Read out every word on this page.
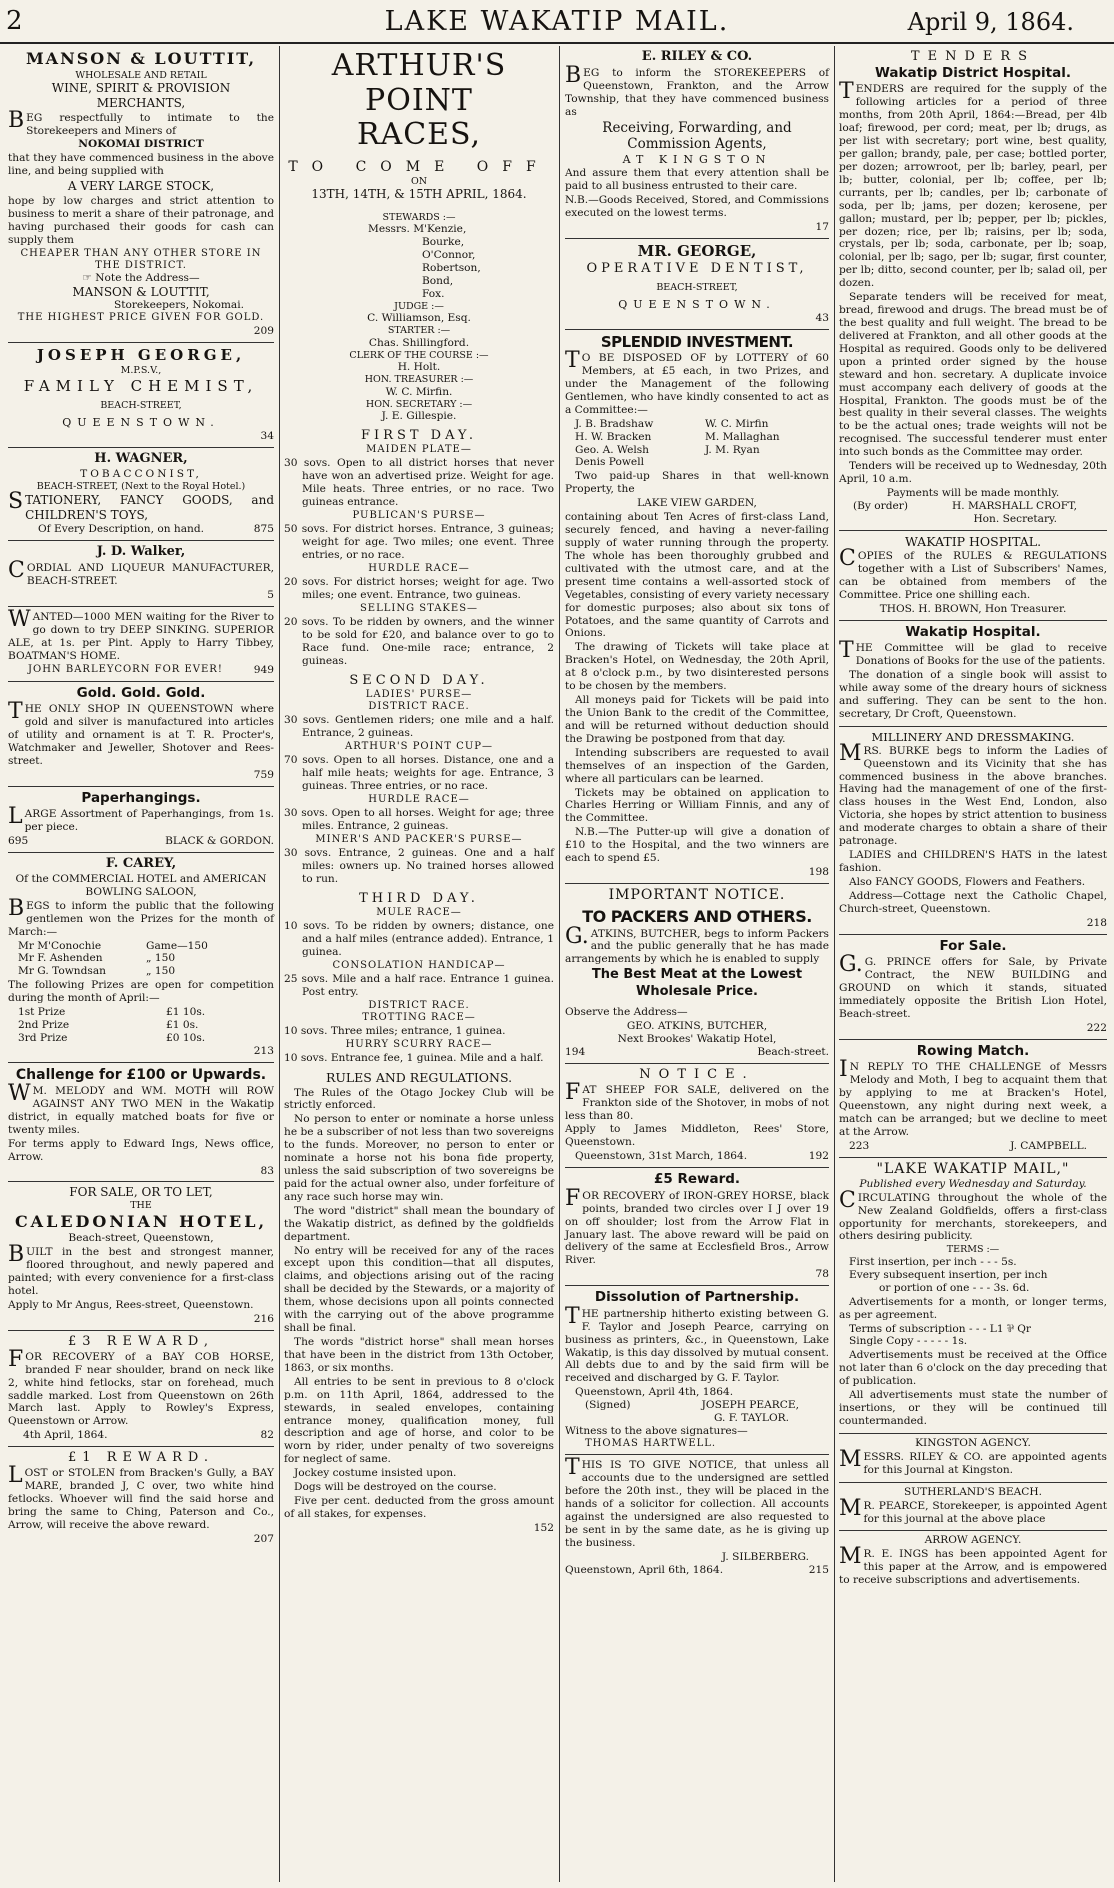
2	LAKE WAKATIP MAIL.	April 9, 1864.
MANSON & LOUTTIT,
WHOLESALE AND RETAIL
WINE, SPIRIT & PROVISION MERCHANTS,

BEG respectfully to intimate to the Storekeepers and Miners of

NOKOMAI DISTRICT

that they have commenced business in the above line, and being supplied with

A VERY LARGE STOCK,

hope by low charges and strict attention to business to merit a share of their patronage, and having purchased their goods for cash can supply them

CHEAPER THAN ANY OTHER STORE IN THE DISTRICT.
☞ Note the Address—
MANSON & LOUTTIT,
Storekeepers, Nokomai.
THE HIGHEST PRICE GIVEN FOR GOLD.
209
JOSEPH GEORGE,
M.P.S.V.,
FAMILY CHEMIST,
BEACH-STREET,
QUEENSTOWN.
34
H. WAGNER,
TOBACCONIST,
BEACH-STREET, (Next to the Royal Hotel.)

STATIONERY, FANCY GOODS, and CHILDREN'S TOYS,

Of Every Description, on hand.	875
J. D. Walker,

CORDIAL AND LIQUEUR MANUFACTURER, BEACH-STREET.

5

WANTED—1000 MEN waiting for the River to go down to try DEEP SINKING. SUPERIOR ALE, at 1s. per Pint. Apply to Harry Tibbey, BOATMAN'S HOME.

JOHN BARLEYCORN FOR EVER!	949
Gold. Gold. Gold.

THE ONLY SHOP IN QUEENSTOWN where gold and silver is manufactured into articles of utility and ornament is at T. R. Procter's, Watchmaker and Jeweller, Shotover and Rees-street.

759
Paperhangings.

LARGE Assortment of Paperhangings, from 1s. per piece.

695	BLACK & GORDON.
F. CAREY,
Of the COMMERCIAL HOTEL and AMERICAN BOWLING SALOON,

BEGS to inform the public that the following gentlemen won the Prizes for the month of March:—

Mr M'Conochie	Game—150
Mr F. Ashenden	„ 150
Mr G. Towndsan	„ 150

The following Prizes are open for competition during the month of April:—

1st Prize	£1 10s.
2nd Prize	£1 0s.
3rd Prize	£0 10s.
213
Challenge for £100 or Upwards.

WM. MELODY and WM. MOTH will ROW AGAINST ANY TWO MEN in the Wakatip district, in equally matched boats for five or twenty miles.

For terms apply to Edward Ings, News office, Arrow.

83
FOR SALE, OR TO LET,
THE
CALEDONIAN HOTEL,
Beach-street, Queenstown,

BUILT in the best and strongest manner, floored throughout, and newly papered and painted; with every convenience for a first-class hotel.

Apply to Mr Angus, Rees-street, Queenstown.

216
£3 REWARD,

FOR RECOVERY of a BAY COB HORSE, branded F near shoulder, brand on neck like 2, white hind fetlocks, star on forehead, much saddle marked. Lost from Queenstown on 26th March last. Apply to Rowley's Express, Queenstown or Arrow.

4th April, 1864.	82
£1 REWARD.

LOST or STOLEN from Bracken's Gully, a BAY MARE, branded J, C over, two white hind fetlocks. Whoever will find the said horse and bring the same to Ching, Paterson and Co., Arrow, will receive the above reward.

207
ARTHUR'S POINT
RACES,
TO COME OFF
ON
13TH, 14TH, & 15TH APRIL, 1864.
STEWARDS :—
Messrs. M'Kenzie,
Bourke,
O'Connor,
Robertson,
Bond,
Fox.
JUDGE :—
C. Williamson, Esq.
STARTER :—
Chas. Shillingford.
CLERK OF THE COURSE :—
H. Holt.
HON. TREASURER :—
W. C. Mirfin.
HON. SECRETARY :—
J. E. Gillespie.
FIRST DAY.
MAIDEN PLATE—

30 sovs. Open to all district horses that never have won an advertised prize. Weight for age. Mile heats. Three entries, or no race. Two guineas entrance.

PUBLICAN'S PURSE—

50 sovs. For district horses. Entrance, 3 guineas; weight for age. Two miles; one event. Three entries, or no race.

HURDLE RACE—

20 sovs. For district horses; weight for age. Two miles; one event. Entrance, two guineas.

SELLING STAKES—

20 sovs. To be ridden by owners, and the winner to be sold for £20, and balance over to go to Race fund. One-mile race; entrance, 2 guineas.

SECOND DAY.
LADIES' PURSE—
DISTRICT RACE.

30 sovs. Gentlemen riders; one mile and a half. Entrance, 2 guineas.

ARTHUR'S POINT CUP—

70 sovs. Open to all horses. Distance, one and a half mile heats; weights for age. Entrance, 3 guineas. Three entries, or no race.

HURDLE RACE—

30 sovs. Open to all horses. Weight for age; three miles. Entrance, 2 guineas.

MINER'S AND PACKER'S PURSE—

30 sovs. Entrance, 2 guineas. One and a half miles: owners up. No trained horses allowed to run.

THIRD DAY.
MULE RACE—

10 sovs. To be ridden by owners; distance, one and a half miles (entrance added). Entrance, 1 guinea.

CONSOLATION HANDICAP—

25 sovs. Mile and a half race. Entrance 1 guinea. Post entry.

DISTRICT RACE.
TROTTING RACE—

10 sovs. Three miles; entrance, 1 guinea.

HURRY SCURRY RACE—

10 sovs. Entrance fee, 1 guinea. Mile and a half.

RULES AND REGULATIONS.

The Rules of the Otago Jockey Club will be strictly enforced.

No person to enter or nominate a horse unless he be a subscriber of not less than two sovereigns to the funds. Moreover, no person to enter or nominate a horse not his bona fide property, unless the said subscription of two sovereigns be paid for the actual owner also, under forfeiture of any race such horse may win.

The word "district" shall mean the boundary of the Wakatip district, as defined by the goldfields department.

No entry will be received for any of the races except upon this condition—that all disputes, claims, and objections arising out of the racing shall be decided by the Stewards, or a majority of them, whose decisions upon all points connected with the carrying out of the above programme shall be final.

The words "district horse" shall mean horses that have been in the district from 13th October, 1863, or six months.

All entries to be sent in previous to 8 o'clock p.m. on 11th April, 1864, addressed to the stewards, in sealed envelopes, containing entrance money, qualification money, full description and age of horse, and color to be worn by rider, under penalty of two sovereigns for neglect of same.

Jockey costume insisted upon.

Dogs will be destroyed on the course.

Five per cent. deducted from the gross amount of all stakes, for expenses.

152
E. RILEY & CO.

BEG to inform the STOREKEEPERS of Queenstown, Frankton, and the Arrow Township, that they have commenced business as

Receiving, Forwarding, and Commission Agents,
AT KINGSTON

And assure them that every attention shall be paid to all business entrusted to their care.

N.B.—Goods Received, Stored, and Commissions executed on the lowest terms.

17
MR. GEORGE,
OPERATIVE DENTIST,
BEACH-STREET,
QUEENSTOWN.
43
SPLENDID INVESTMENT.

TO BE DISPOSED OF by LOTTERY of 60 Members, at £5 each, in two Prizes, and under the Management of the following Gentlemen, who have kindly consented to act as a Committee:—

J. B. Bradshaw	W. C. Mirfin
H. W. Bracken	M. Mallaghan
Geo. A. Welsh	J. M. Ryan
Denis Powell

Two paid-up Shares in that well-known Property, the

LAKE VIEW GARDEN,

containing about Ten Acres of first-class Land, securely fenced, and having a never-failing supply of water running through the property. The whole has been thoroughly grubbed and cultivated with the utmost care, and at the present time contains a well-assorted stock of Vegetables, consisting of every variety necessary for domestic purposes; also about six tons of Potatoes, and the same quantity of Carrots and Onions.

The drawing of Tickets will take place at Bracken's Hotel, on Wednesday, the 20th April, at 8 o'clock p.m., by two disinterested persons to be chosen by the members.

All moneys paid for Tickets will be paid into the Union Bank to the credit of the Committee, and will be returned without deduction should the Drawing be postponed from that day.

Intending subscribers are requested to avail themselves of an inspection of the Garden, where all particulars can be learned.

Tickets may be obtained on application to Charles Herring or William Finnis, and any of the Committee.

N.B.—The Putter-up will give a donation of £10 to the Hospital, and the two winners are each to spend £5.

198
IMPORTANT NOTICE.
TO PACKERS AND OTHERS.

G.ATKINS, BUTCHER, begs to inform Packers and the public generally that he has made arrangements by which he is enabled to supply

The Best Meat at the Lowest Wholesale Price.

Observe the Address—

GEO. ATKINS, BUTCHER,
Next Brookes' Wakatip Hotel,
194	Beach-street.
NOTICE.

FAT SHEEP FOR SALE, delivered on the Frankton side of the Shotover, in mobs of not less than 80.

Apply to James Middleton, Rees' Store, Queenstown.

Queenstown, 31st March, 1864.	192
£5 Reward.

FOR RECOVERY of IRON-GREY HORSE, black points, branded two circles over I J over 19 on off shoulder; lost from the Arrow Flat in January last. The above reward will be paid on delivery of the same at Ecclesfield Bros., Arrow River.

78
Dissolution of Partnership.

THE partnership hitherto existing between G. F. Taylor and Joseph Pearce, carrying on business as printers, &c., in Queenstown, Lake Wakatip, is this day dissolved by mutual consent. All debts due to and by the said firm will be received and discharged by G. F. Taylor.

Queenstown, April 4th, 1864.
(Signed)	JOSEPH PEARCE,
G. F. TAYLOR.
Witness to the above signatures—
THOMAS HARTWELL.

THIS IS TO GIVE NOTICE, that unless all accounts due to the undersigned are settled before the 20th inst., they will be placed in the hands of a solicitor for collection. All accounts against the undersigned are also requested to be sent in by the same date, as he is giving up the business.

J. SILBERBERG.
Queenstown, April 6th, 1864.	215
TENDERS
Wakatip District Hospital.

TENDERS are required for the supply of the following articles for a period of three months, from 20th April, 1864:—Bread, per 4lb loaf; firewood, per cord; meat, per lb; drugs, as per list with secretary; port wine, best quality, per gallon; brandy, pale, per case; bottled porter, per dozen; arrowroot, per lb; barley, pearl, per lb; butter, colonial, per lb; coffee, per lb; currants, per lb; candles, per lb; carbonate of soda, per lb; jams, per dozen; kerosene, per gallon; mustard, per lb; pepper, per lb; pickles, per dozen; rice, per lb; raisins, per lb; soda, crystals, per lb; soda, carbonate, per lb; soap, colonial, per lb; sago, per lb; sugar, first counter, per lb; ditto, second counter, per lb; salad oil, per dozen.

Separate tenders will be received for meat, bread, firewood and drugs. The bread must be of the best quality and full weight. The bread to be delivered at Frankton, and all other goods at the Hospital as required. Goods only to be delivered upon a printed order signed by the house steward and hon. secretary. A duplicate invoice must accompany each delivery of goods at the Hospital, Frankton. The goods must be of the best quality in their several classes. The weights to be the actual ones; trade weights will not be recognised. The successful tenderer must enter into such bonds as the Committee may order.

Tenders will be received up to Wednesday, 20th April, 10 a.m.

Payments will be made monthly.
(By order)	H. MARSHALL CROFT,
Hon. Secretary.
WAKATIP HOSPITAL.

COPIES of the RULES & REGULATIONS together with a List of Subscribers' Names, can be obtained from members of the Committee. Price one shilling each.

THOS. H. BROWN, Hon Treasurer.
Wakatip Hospital.

THE Committee will be glad to receive Donations of Books for the use of the patients.

The donation of a single book will assist to while away some of the dreary hours of sickness and suffering. They can be sent to the hon. secretary, Dr Croft, Queenstown.

MILLINERY AND DRESSMAKING.

MRS. BURKE begs to inform the Ladies of Queenstown and its Vicinity that she has commenced business in the above branches. Having had the management of one of the first-class houses in the West End, London, also Victoria, she hopes by strict attention to business and moderate charges to obtain a share of their patronage.

LADIES and CHILDREN'S HATS in the latest fashion.

Also FANCY GOODS, Flowers and Feathers.

Address—Cottage next the Catholic Chapel, Church-street, Queenstown.

218
For Sale.

G.G. PRINCE offers for Sale, by Private Contract, the NEW BUILDING and GROUND on which it stands, situated immediately opposite the British Lion Hotel, Beach-street.

222
Rowing Match.

IN REPLY TO THE CHALLENGE of Messrs Melody and Moth, I beg to acquaint them that by applying to me at Bracken's Hotel, Queenstown, any night during next week, a match can be arranged; but we decline to meet at the Arrow.

223	J. CAMPBELL.
"LAKE WAKATIP MAIL,"
Published every Wednesday and Saturday.

CIRCULATING throughout the whole of the New Zealand Goldfields, offers a first-class opportunity for merchants, storekeepers, and others desiring publicity.

TERMS :—
First insertion, per inch - - - 5s.
Every subsequent insertion, per inch
or portion of one - - - 3s. 6d.

Advertisements for a month, or longer terms, as per agreement.

Terms of subscription - - - L1 ⅌ Qr
Single Copy - - - - - 1s.

Advertisements must be received at the Office not later than 6 o'clock on the day preceding that of publication.

All advertisements must state the number of insertions, or they will be continued till countermanded.

KINGSTON AGENCY.

MESSRS. RILEY & CO. are appointed agents for this Journal at Kingston.

SUTHERLAND'S BEACH.

MR. PEARCE, Storekeeper, is appointed Agent for this journal at the above place

ARROW AGENCY.

MR. E. INGS has been appointed Agent for this paper at the Arrow, and is empowered to receive subscriptions and advertisements.
